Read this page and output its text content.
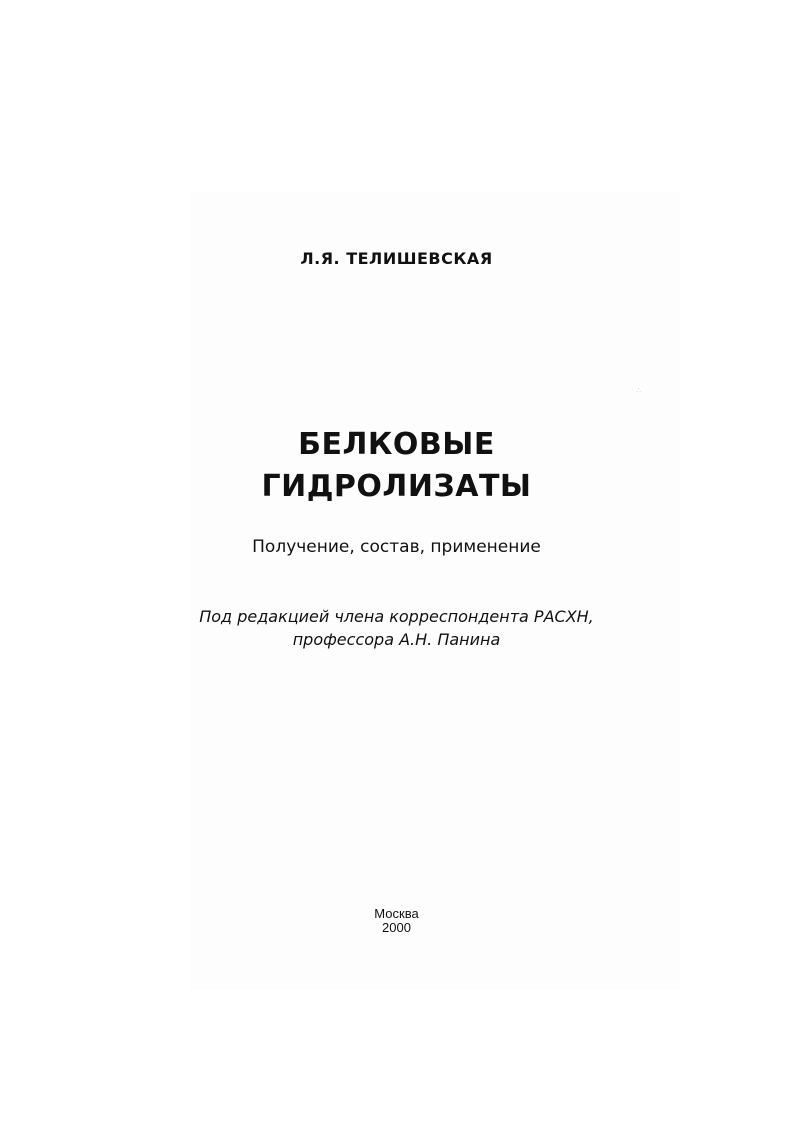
Л.Я. ТЕЛИШЕВСКАЯ
БЕЛКОВЫЕ
ГИДРОЛИЗАТЫ
Получение, состав, применение
Под редакцией члена корреспондента РАСХН,
профессора А.Н. Панина
Москва
2000
∴
